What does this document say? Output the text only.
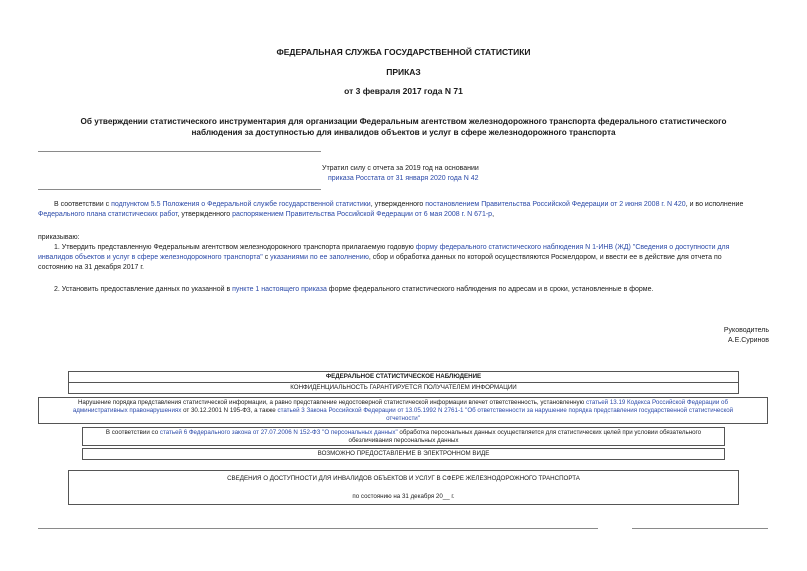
ФЕДЕРАЛЬНАЯ СЛУЖБА ГОСУДАРСТВЕННОЙ СТАТИСТИКИ
ПРИКАЗ
от 3 февраля 2017 года N 71
Об утверждении статистического инструментария для организации Федеральным агентством железнодорожного транспорта федерального статистического
наблюдения за доступностью для инвалидов объектов и услуг в сфере железнодорожного транспорта
Утратил силу с отчета за 2019 год на основании
приказа Росстата от 31 января 2020 года N 42

В соответствии с подпунктом 5.5 Положения о Федеральной службе государственной статистики, утвержденного постановлением Правительства Российской Федерации от 2 июня 2008 г. N 420, и во исполнение

Федерального плана статистических работ, утвержденного распоряжением Правительства Российской Федерации от 6 мая 2008 г. N 671-р,

приказываю:

1. Утвердить представленную Федеральным агентством железнодорожного транспорта прилагаемую годовую форму федерального статистического наблюдения N 1-ИНВ (ЖД) "Сведения о доступности для

инвалидов объектов и услуг в сфере железнодорожного транспорта" с указаниями по ее заполнению, сбор и обработка данных по которой осуществляются Росжелдором, и ввести ее в действие для отчета по

состоянию на 31 декабря 2017 г.

2. Установить предоставление данных по указанной в пункте 1 настоящего приказа форме федерального статистического наблюдения по адресам и в сроки, установленные в форме.
Руководитель
А.Е.Суринов
ФЕДЕРАЛЬНОЕ СТАТИСТИЧЕСКОЕ НАБЛЮДЕНИЕ
КОНФИДЕНЦИАЛЬНОСТЬ ГАРАНТИРУЕТСЯ ПОЛУЧАТЕЛЕМ ИНФОРМАЦИИ
Нарушение порядка представления статистической информации, а равно представление недостоверной статистической информации влечет ответственность, установленную статьей 13.19 Кодекса Российской Федерации об
административных правонарушениях от 30.12.2001 N 195-ФЗ, а также статьей 3 Закона Российской Федерации от 13.05.1992 N 2761-1 "Об ответственности за нарушение порядка представления государственной статистической
отчетности"
В соответствии со статьей 6 Федерального закона от 27.07.2006 N 152-ФЗ "О персональных данных" обработка персональных данных осуществляется для статистических целей при условии обязательного
обезличивания персональных данных
ВОЗМОЖНО ПРЕДОСТАВЛЕНИЕ В ЭЛЕКТРОННОМ ВИДЕ
СВЕДЕНИЯ О ДОСТУПНОСТИ ДЛЯ ИНВАЛИДОВ ОБЪЕКТОВ И УСЛУГ В СФЕРЕ ЖЕЛЕЗНОДОРОЖНОГО ТРАНСПОРТА
по состоянию на 31 декабря 20__ г.
